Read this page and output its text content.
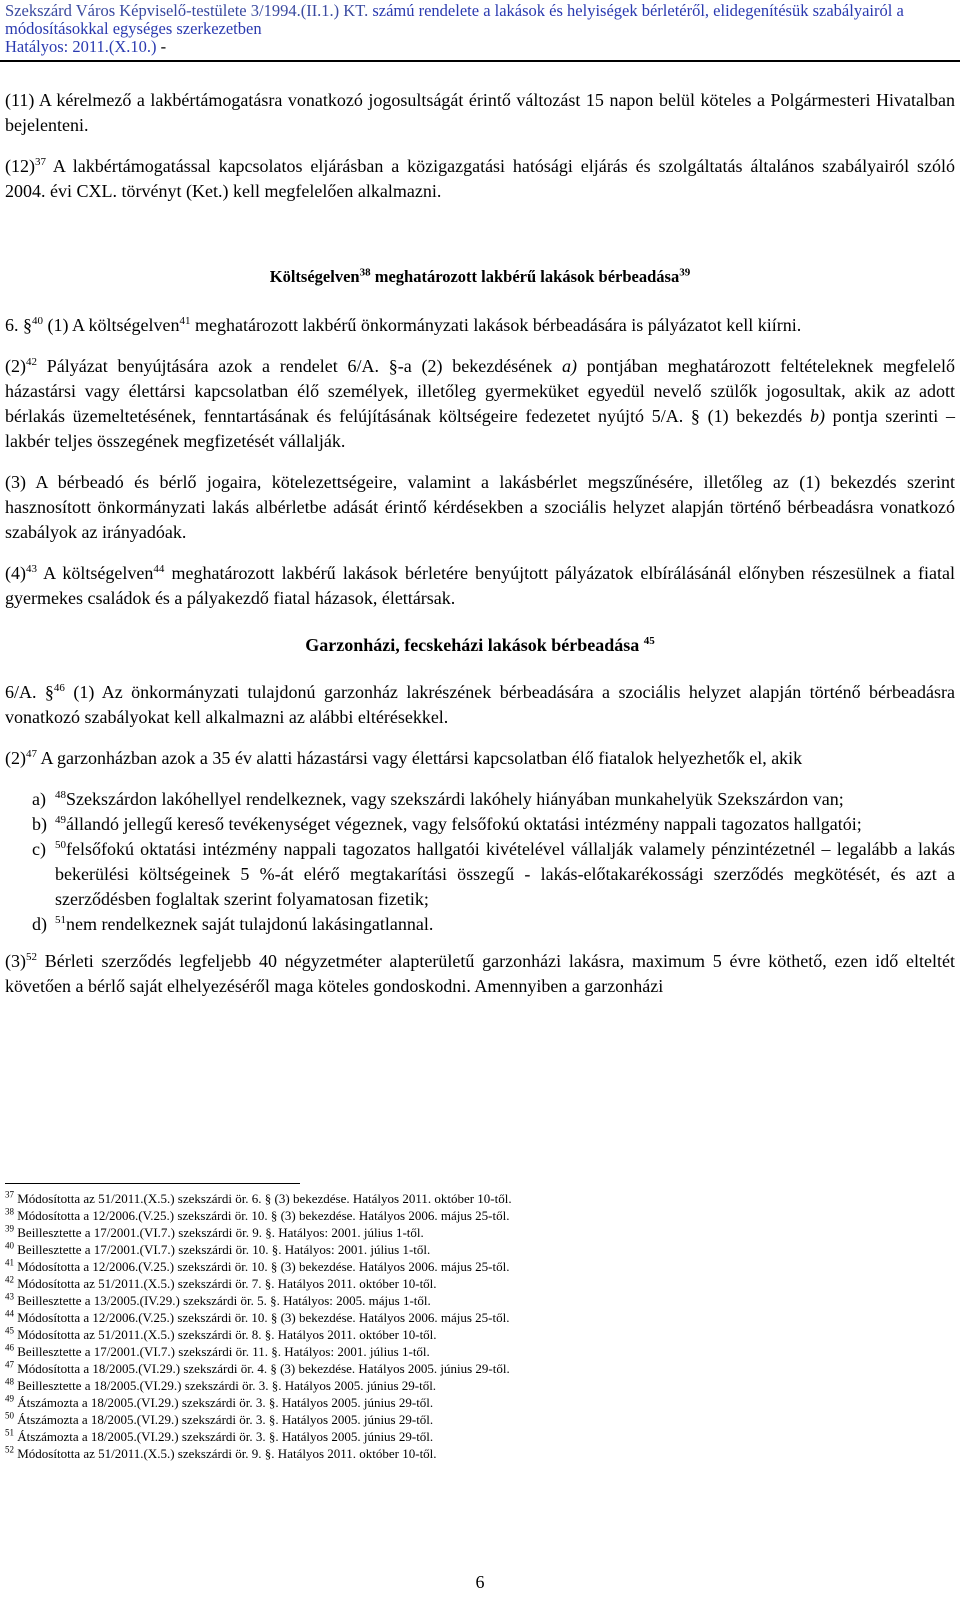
Szekszárd Város Képviselő-testülete 3/1994.(II.1.) KT. számú rendelete a lakások és helyiségek bérletéről, elidegenítésük szabályairól a
módosításokkal egységes szerkezetben
Hatályos: 2011.(X.10.) -

(11) A kérelmező a lakbértámogatásra vonatkozó jogosultságát érintő változást 15 napon belül köteles a Polgármesteri Hivatalban bejelenteni.

$(12)^{37}$ A lakbértámogatással kapcsolatos eljárásban a közigazgatási hatósági eljárás és szolgáltatás általános szabályairól szóló 2004. évi CXL. törvényt (Ket.) kell megfelelően alkalmazni.

Költségelven$^{38}$ meghatározott lakbérű lakások bérbeadása$^{39}$

6. §$^{40}$ (1) A költségelven$^{41}$ meghatározott lakbérű önkormányzati lakások bérbeadására is pályázatot kell kiírni.

$(2)^{42}$ Pályázat benyújtására azok a rendelet 6/A. §-a (2) bekezdésének a) pontjában meghatározott feltételeknek megfelelő házastársi vagy élettársi kapcsolatban élő személyek, illetőleg gyermeküket egyedül nevelő szülők jogosultak, akik az adott bérlakás üzemeltetésének, fenntartásának és felújításának költségeire fedezetet nyújtó 5/A. § (1) bekezdés b) pontja szerinti – lakbér teljes összegének megfizetését vállalják.

(3) A bérbeadó és bérlő jogaira, kötelezettségeire, valamint a lakásbérlet megszűnésére, illetőleg az (1) bekezdés szerint hasznosított önkormányzati lakás albérletbe adását érintő kérdésekben a szociális helyzet alapján történő bérbeadásra vonatkozó szabályok az irányadóak.

$(4)^{43}$ A költségelven$^{44}$ meghatározott lakbérű lakások bérletére benyújtott pályázatok elbírálásánál előnyben részesülnek a fiatal gyermekes családok és a pályakezdő fiatal házasok, élettársak.

Garzonházi, fecskeházi lakások bérbeadása $^{45}$

6/A. §$^{46}$ (1) Az önkormányzati tulajdonú garzonház lakrészének bérbeadására a szociális helyzet alapján történő bérbeadásra vonatkozó szabályokat kell alkalmazni az alábbi eltérésekkel.

$(2)^{47}$ A garzonházban azok a 35 év alatti házastársi vagy élettársi kapcsolatban élő fiatalok helyezhetők el, akik

a) $^{48}$Szekszárdon lakóhellyel rendelkeznek, vagy szekszárdi lakóhely hiányában munkahelyük Szekszárdon van;
b) $^{49}$állandó jellegű kereső tevékenységet végeznek, vagy felsőfokú oktatási intézmény nappali tagozatos hallgatói;
c) $^{50}$felsőfokú oktatási intézmény nappali tagozatos hallgatói kivételével vállalják valamely pénzintézetnél – legalább a lakás bekerülési költségeinek 5 %-át elérő megtakarítási összegű - lakás-előtakarékossági szerződés megkötését, és azt a szerződésben foglaltak szerint folyamatosan fizetik;
d) $^{51}$nem rendelkeznek saját tulajdonú lakásingatlannal.

$(3)^{52}$ Bérleti szerződés legfeljebb 40 négyzetméter alapterületű garzonházi lakásra, maximum 5 évre köthető, ezen idő elteltét követően a bérlő saját elhelyezéséről maga köteles gondoskodni. Amennyiben a garzonházi

$^{37}$ Módosította az 51/2011.(X.5.) szekszárdi ör. 6. § (3) bekezdése. Hatályos 2011. október 10-től.
$^{38}$ Módosította a 12/2006.(V.25.) szekszárdi ör. 10. § (3) bekezdése. Hatályos 2006. május 25-től.
$^{39}$ Beillesztette a 17/2001.(VI.7.) szekszárdi ör. 9. §. Hatályos: 2001. július 1-től.
$^{40}$ Beillesztette a 17/2001.(VI.7.) szekszárdi ör. 10. §. Hatályos: 2001. július 1-től.
$^{41}$ Módosította a 12/2006.(V.25.) szekszárdi ör. 10. § (3) bekezdése. Hatályos 2006. május 25-től.
$^{42}$ Módosította az 51/2011.(X.5.) szekszárdi ör. 7. §. Hatályos 2011. október 10-től.
$^{43}$ Beillesztette a 13/2005.(IV.29.) szekszárdi ör. 5. §. Hatályos: 2005. május 1-től.
$^{44}$ Módosította a 12/2006.(V.25.) szekszárdi ör. 10. § (3) bekezdése. Hatályos 2006. május 25-től.
$^{45}$ Módosította az 51/2011.(X.5.) szekszárdi ör. 8. §. Hatályos 2011. október 10-től.
$^{46}$ Beillesztette a 17/2001.(VI.7.) szekszárdi ör. 11. §. Hatályos: 2001. július 1-től.
$^{47}$ Módosította a 18/2005.(VI.29.) szekszárdi ör. 4. § (3) bekezdése. Hatályos 2005. június 29-től.
$^{48}$ Beillesztette a 18/2005.(VI.29.) szekszárdi ör. 3. §. Hatályos 2005. június 29-től.
$^{49}$ Átszámozta a 18/2005.(VI.29.) szekszárdi ör. 3. §. Hatályos 2005. június 29-től.
$^{50}$ Átszámozta a 18/2005.(VI.29.) szekszárdi ör. 3. §. Hatályos 2005. június 29-től.
$^{51}$ Átszámozta a 18/2005.(VI.29.) szekszárdi ör. 3. §. Hatályos 2005. június 29-től.
$^{52}$ Módosította az 51/2011.(X.5.) szekszárdi ör. 9. §. Hatályos 2011. október 10-től.
6
